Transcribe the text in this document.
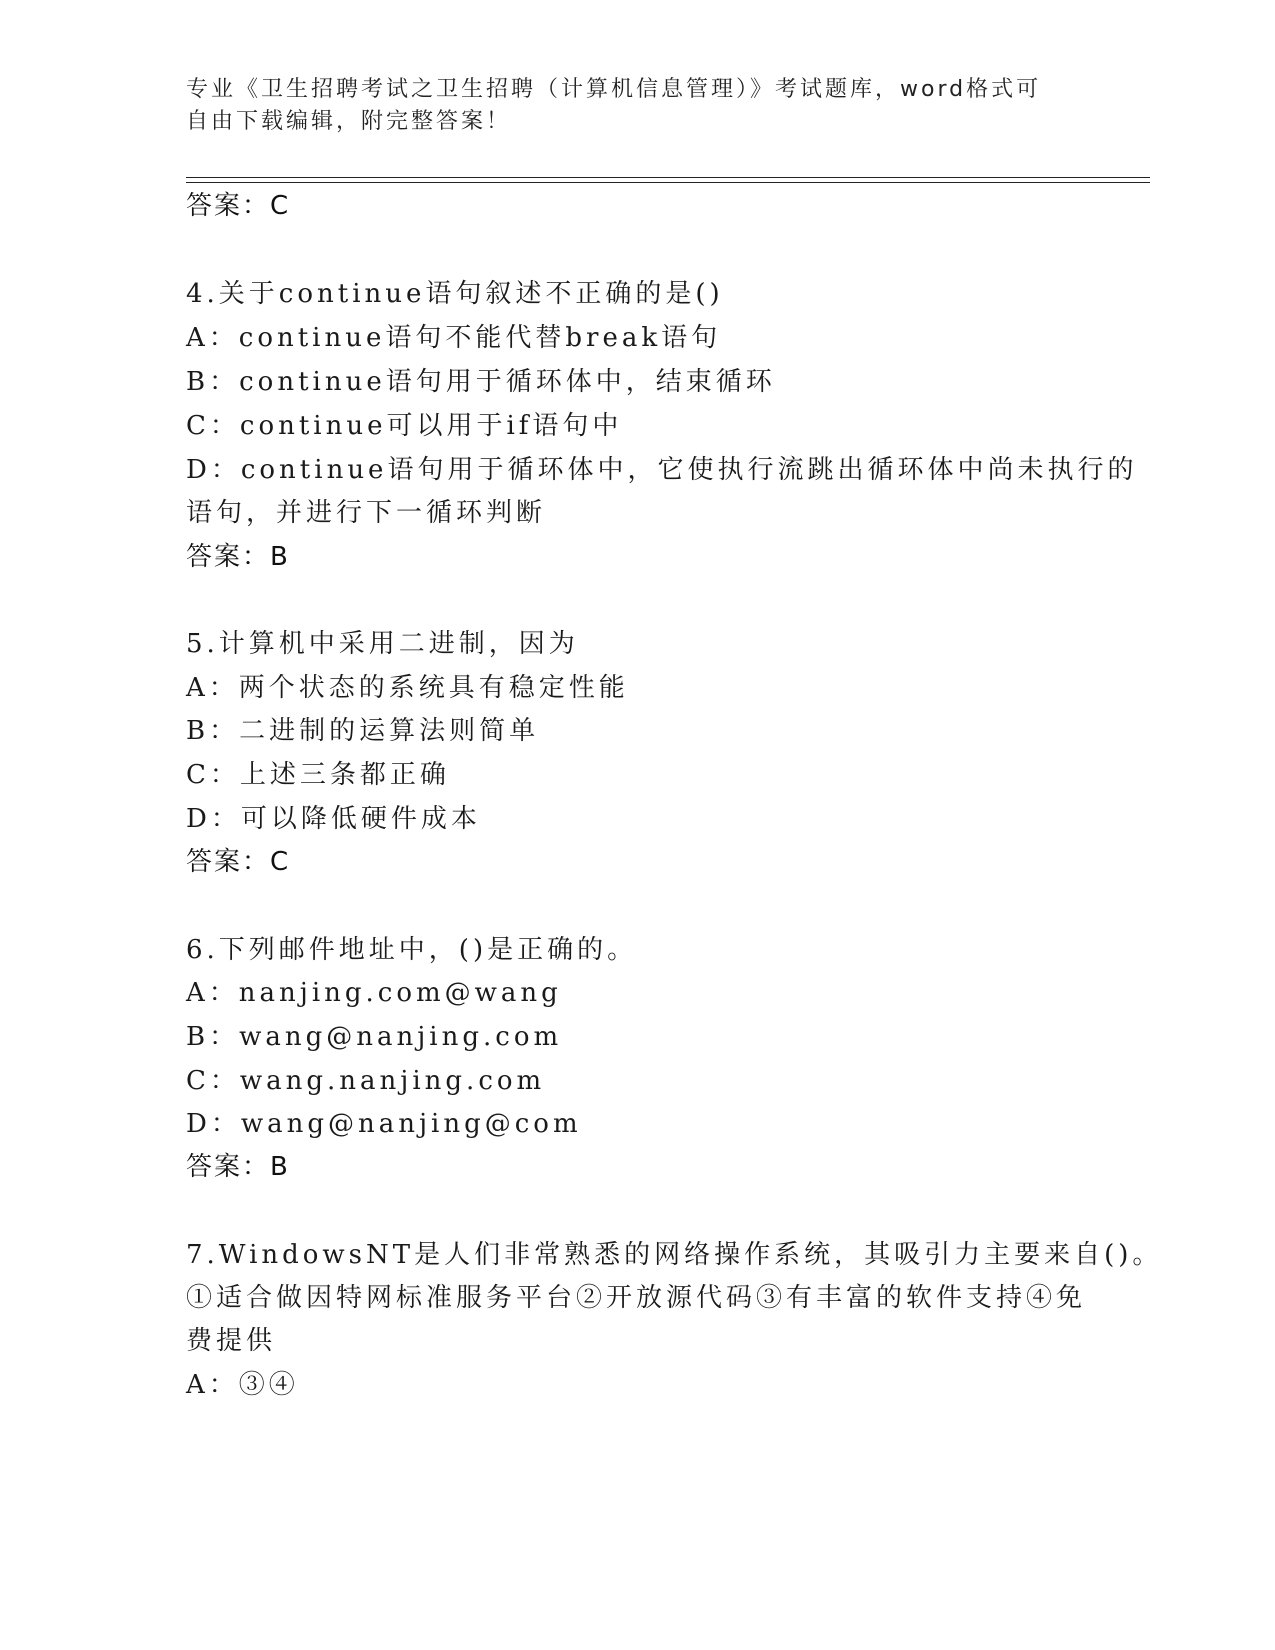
专业《卫生招聘考试之卫生招聘（计算机信息管理）》考试题库，word格式可自由下载编辑，附完整答案！
答案：C
4.关于continue语句叙述不正确的是()
A：continue语句不能代替break语句
B：continue语句用于循环体中，结束循环
C：continue可以用于if语句中
D：continue语句用于循环体中，它使执行流跳出循环体中尚未执行的
语句，并进行下一循环判断
答案：B
5.计算机中采用二进制，因为
A：两个状态的系统具有稳定性能
B：二进制的运算法则简单
C：上述三条都正确
D：可以降低硬件成本
答案：C
6.下列邮件地址中，()是正确的。
A：nanjing.com@wang
B：wang@nanjing.com
C：wang.nanjing.com
D：wang@nanjing@com
答案：B
7.WindowsNT是人们非常熟悉的网络操作系统，其吸引力主要来自()。
①适合做因特网标准服务平台②开放源代码③有丰富的软件支持④免
费提供
A：③④
